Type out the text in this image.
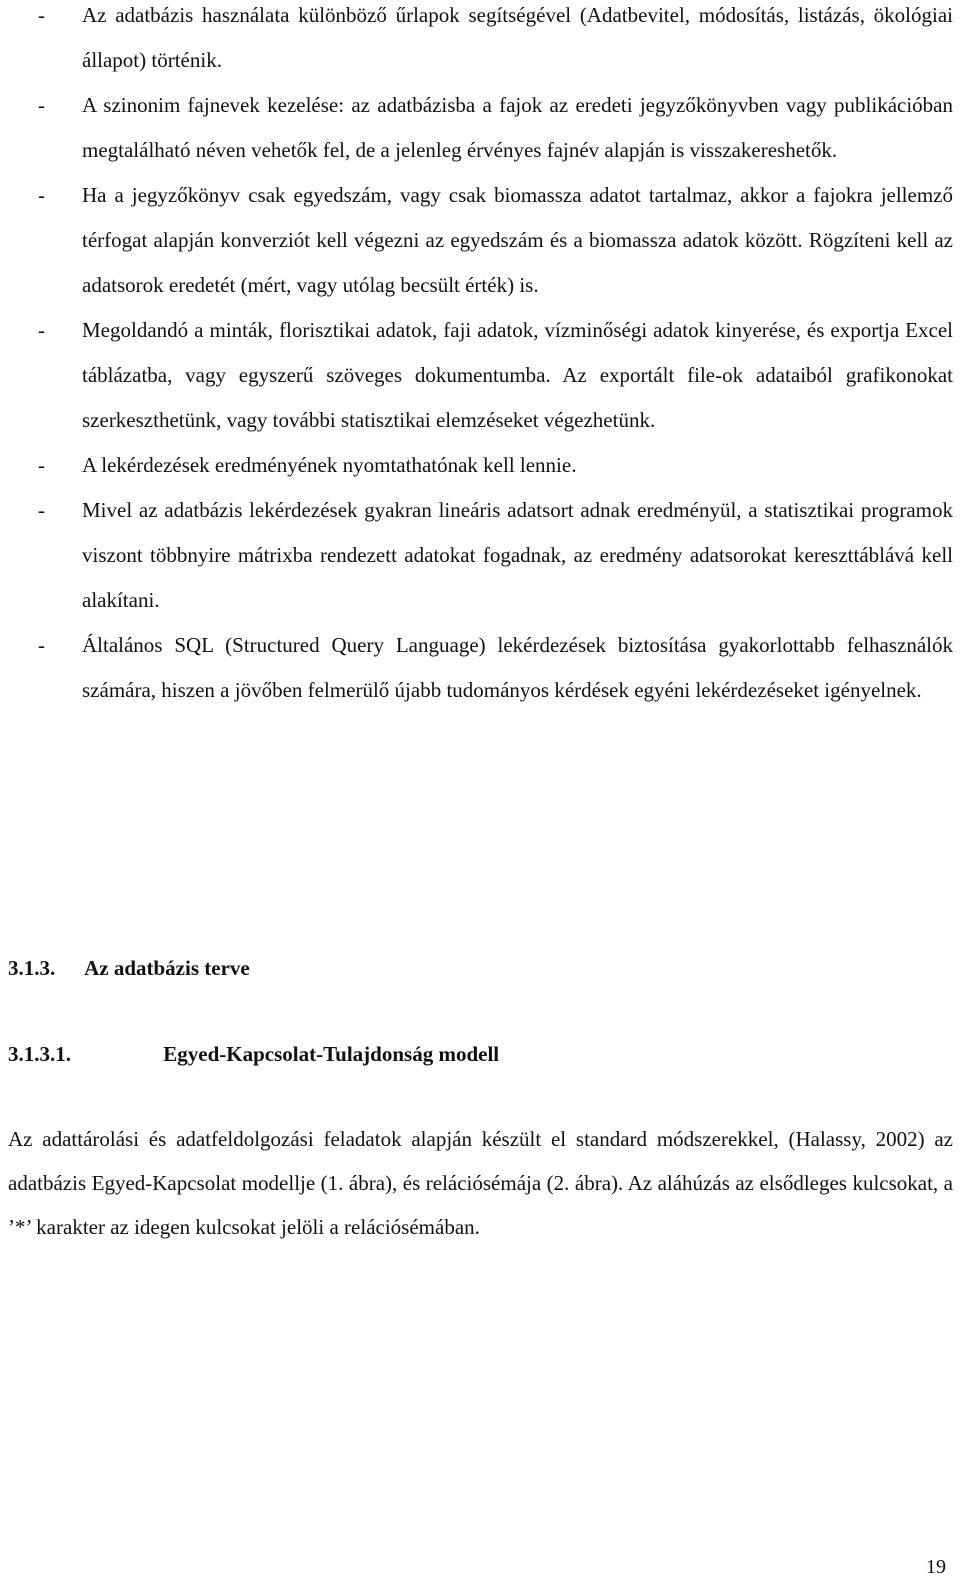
- Az adatbázis használata különböző űrlapok segítségével (Adatbevitel, módosítás, listázás, ökológiai állapot) történik.

- A szinonim fajnevek kezelése: az adatbázisba a fajok az eredeti jegyzőkönyvben vagy publikációban megtalálható néven vehetők fel, de a jelenleg érvényes fajnév alapján is visszakereshetők.

- Ha a jegyzőkönyv csak egyedszám, vagy csak biomassza adatot tartalmaz, akkor a fajokra jellemző térfogat alapján konverziót kell végezni az egyedszám és a biomassza adatok között. Rögzíteni kell az adatsorok eredetét (mért, vagy utólag becsült érték) is.

- Megoldandó a minták, florisztikai adatok, faji adatok, vízminőségi adatok kinyerése, és exportja Excel táblázatba, vagy egyszerű szöveges dokumentumba. Az exportált file-ok adataiból grafikonokat szerkeszthetünk, vagy további statisztikai elemzéseket végezhetünk.

- A lekérdezések eredményének nyomtathatónak kell lennie.

- Mivel az adatbázis lekérdezések gyakran lineáris adatsort adnak eredményül, a statisztikai programok viszont többnyire mátrixba rendezett adatokat fogadnak, az eredmény adatsorokat kereszttáblává kell alakítani.

- Általános SQL (Structured Query Language) lekérdezések biztosítása gyakorlottabb felhasználók számára, hiszen a jövőben felmerülő újabb tudományos kérdések egyéni lekérdezéseket igényelnek.

3.1.3. Az adatbázis terve
3.1.3.1.	Egyed-Kapcsolat-Tulajdonság modell

Az adattárolási és adatfeldolgozási feladatok alapján készült el standard módszerekkel, (Halassy, 2002) az adatbázis Egyed-Kapcsolat modellje (1. ábra), és relációsémája (2. ábra). Az aláhúzás az elsődleges kulcsokat, a ’*’ karakter az idegen kulcsokat jelöli a relációsémában.

19
